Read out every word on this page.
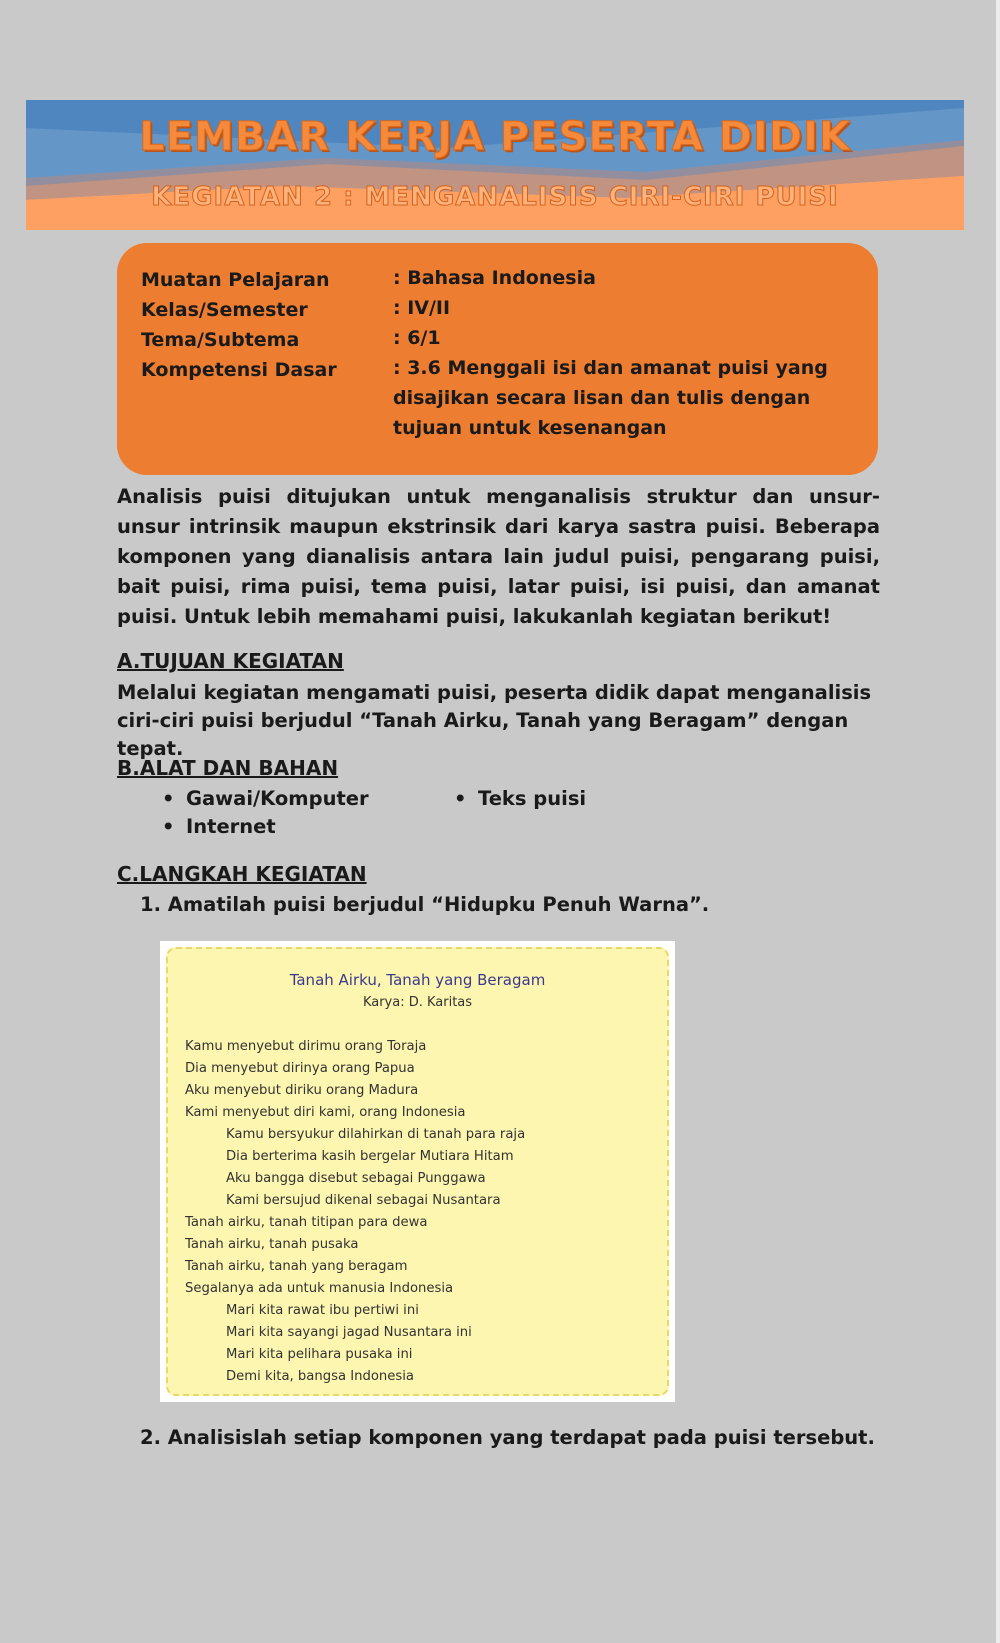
LEMBAR KERJA PESERTA DIDIK
KEGIATAN 2 : MENGANALISIS CIRI-CIRI PUISI
Muatan Pelajaran	: Bahasa Indonesia
Kelas/Semester	: IV/II
Tema/Subtema	: 6/1
Kompetensi Dasar	: 3.6 Menggali isi dan amanat puisi yang disajikan secara lisan dan tulis dengan tujuan untuk kesenangan
Analisis puisi ditujukan untuk menganalisis struktur dan unsur-unsur intrinsik maupun ekstrinsik dari karya sastra puisi. Beberapa komponen yang dianalisis antara lain judul puisi, pengarang puisi, bait puisi, rima puisi, tema puisi, latar puisi, isi puisi, dan amanat puisi. Untuk lebih memahami puisi, lakukanlah kegiatan berikut!
A.TUJUAN KEGIATAN
Melalui kegiatan mengamati puisi, peserta didik dapat menganalisis ciri-ciri puisi berjudul “Tanah Airku, Tanah yang Beragam” dengan tepat.
B.ALAT DAN BAHAN
• Gawai/Komputer
•	Teks puisi
• Internet
C.LANGKAH KEGIATAN
1. Amatilah puisi berjudul “Hidupku Penuh Warna”.
Tanah Airku, Tanah yang Beragam
Karya: D. Karitas
Kamu menyebut dirimu orang Toraja
Dia menyebut dirinya orang Papua
Aku menyebut diriku orang Madura
Kami menyebut diri kami, orang Indonesia
Kamu bersyukur dilahirkan di tanah para raja
Dia berterima kasih bergelar Mutiara Hitam
Aku bangga disebut sebagai Punggawa
Kami bersujud dikenal sebagai Nusantara
Tanah airku, tanah titipan para dewa
Tanah airku, tanah pusaka
Tanah airku, tanah yang beragam
Segalanya ada untuk manusia Indonesia
Mari kita rawat ibu pertiwi ini
Mari kita sayangi jagad Nusantara ini
Mari kita pelihara pusaka ini
Demi kita, bangsa Indonesia
2. Analisislah setiap komponen yang terdapat pada puisi tersebut.
